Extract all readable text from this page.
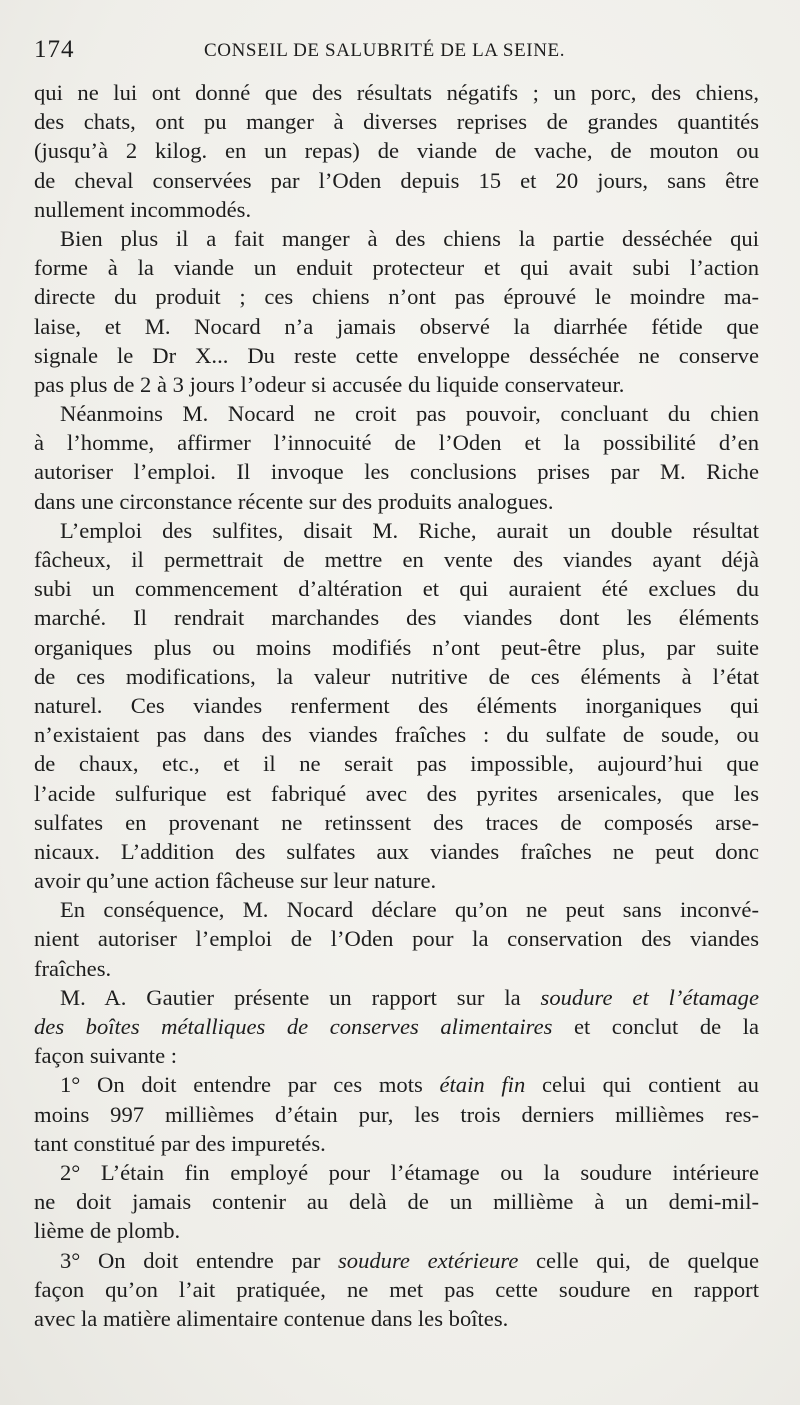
174	CONSEIL DE SALUBRITÉ DE LA SEINE.
qui ne lui ont donné que des résultats négatifs ; un porc, des chiens,
des chats, ont pu manger à diverses reprises de grandes quantités
(jusqu’à 2 kilog. en un repas) de viande de vache, de mouton ou
de cheval conservées par l’Oden depuis 15 et 20 jours, sans être
nullement incommodés.
Bien plus il a fait manger à des chiens la partie desséchée qui
forme à la viande un enduit protecteur et qui avait subi l’action
directe du produit ; ces chiens n’ont pas éprouvé le moindre ma-
laise, et M. Nocard n’a jamais observé la diarrhée fétide que
signale le Dr X... Du reste cette enveloppe desséchée ne conserve
pas plus de 2 à 3 jours l’odeur si accusée du liquide conservateur.
Néanmoins M. Nocard ne croit pas pouvoir, concluant du chien
à l’homme, affirmer l’innocuité de l’Oden et la possibilité d’en
autoriser l’emploi. Il invoque les conclusions prises par M. Riche
dans une circonstance récente sur des produits analogues.
L’emploi des sulfites, disait M. Riche, aurait un double résultat
fâcheux, il permettrait de mettre en vente des viandes ayant déjà
subi un commencement d’altération et qui auraient été exclues du
marché. Il rendrait marchandes des viandes dont les éléments
organiques plus ou moins modifiés n’ont peut-être plus, par suite
de ces modifications, la valeur nutritive de ces éléments à l’état
naturel. Ces viandes renferment des éléments inorganiques qui
n’existaient pas dans des viandes fraîches : du sulfate de soude, ou
de chaux, etc., et il ne serait pas impossible, aujourd’hui que
l’acide sulfurique est fabriqué avec des pyrites arsenicales, que les
sulfates en provenant ne retinssent des traces de composés arse-
nicaux. L’addition des sulfates aux viandes fraîches ne peut donc
avoir qu’une action fâcheuse sur leur nature.
En conséquence, M. Nocard déclare qu’on ne peut sans inconvé-
nient autoriser l’emploi de l’Oden pour la conservation des viandes
fraîches.
M. A. Gautier présente un rapport sur la soudure et l’étamage
des boîtes métalliques de conserves alimentaires et conclut de la
façon suivante :
1° On doit entendre par ces mots étain fin celui qui contient au
moins 997 millièmes d’étain pur, les trois derniers millièmes res-
tant constitué par des impuretés.
2° L’étain fin employé pour l’étamage ou la soudure intérieure
ne doit jamais contenir au delà de un millième à un demi-mil-
lième de plomb.
3° On doit entendre par soudure extérieure celle qui, de quelque
façon qu’on l’ait pratiquée, ne met pas cette soudure en rapport
avec la matière alimentaire contenue dans les boîtes.
